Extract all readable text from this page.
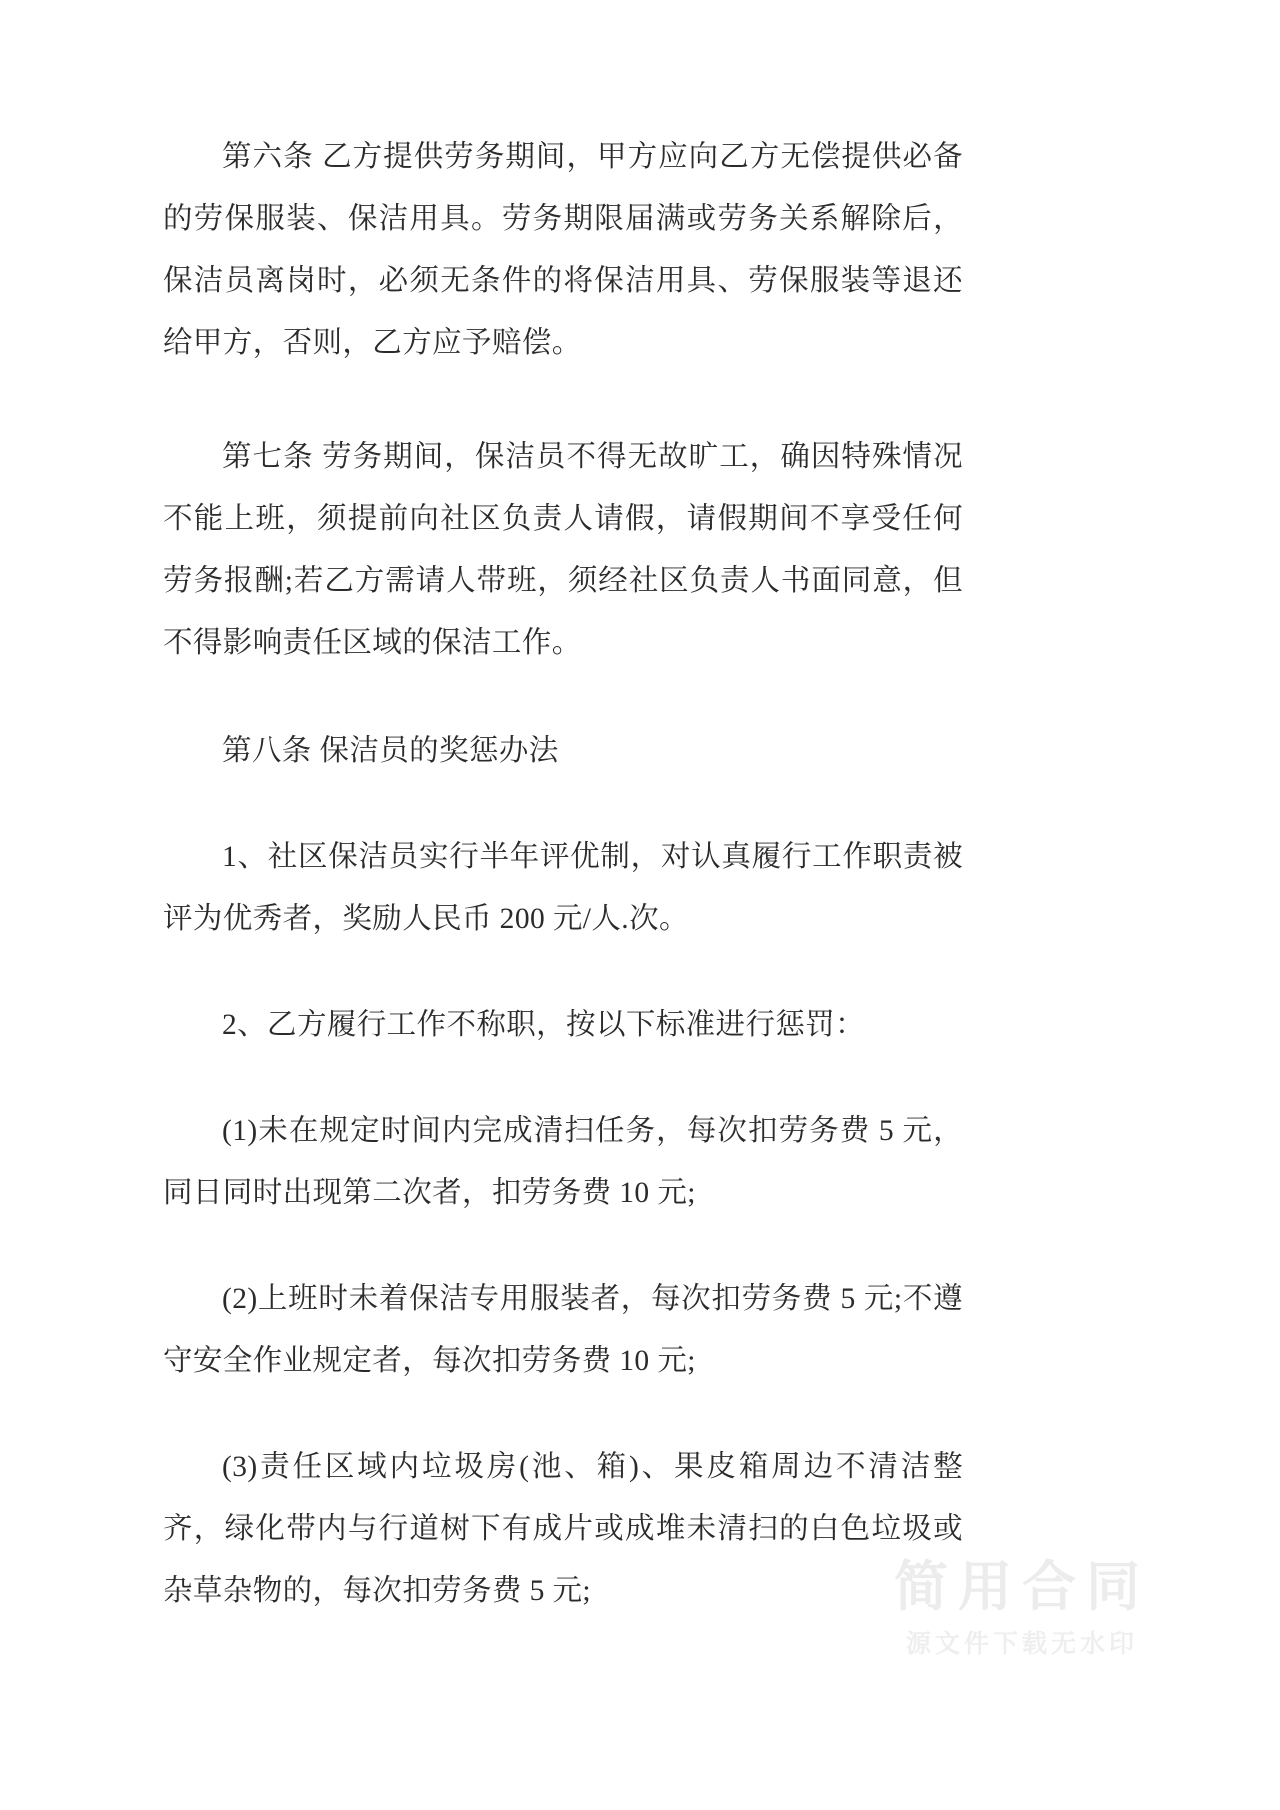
第六条 乙方提供劳务期间，甲方应向乙方无偿提供必备的劳保服装、保洁用具。劳务期限届满或劳务关系解除后，保洁员离岗时，必须无条件的将保洁用具、劳保服装等退还给甲方，否则，乙方应予赔偿。

第七条 劳务期间，保洁员不得无故旷工，确因特殊情况不能上班，须提前向社区负责人请假，请假期间不享受任何劳务报酬;若乙方需请人带班，须经社区负责人书面同意，但不得影响责任区域的保洁工作。

第八条 保洁员的奖惩办法

1、社区保洁员实行半年评优制，对认真履行工作职责被评为优秀者，奖励人民币 200 元/人.次。

2、乙方履行工作不称职，按以下标准进行惩罚：

(1)未在规定时间内完成清扫任务，每次扣劳务费 5 元，同日同时出现第二次者，扣劳务费 10 元;

(2)上班时未着保洁专用服装者，每次扣劳务费 5 元;不遵守安全作业规定者，每次扣劳务费 10 元;

(3)责任区域内垃圾房(池、箱)、果皮箱周边不清洁整齐，绿化带内与行道树下有成片或成堆未清扫的白色垃圾或杂草杂物的，每次扣劳务费 5 元;	简用合同
源文件下载无水印
